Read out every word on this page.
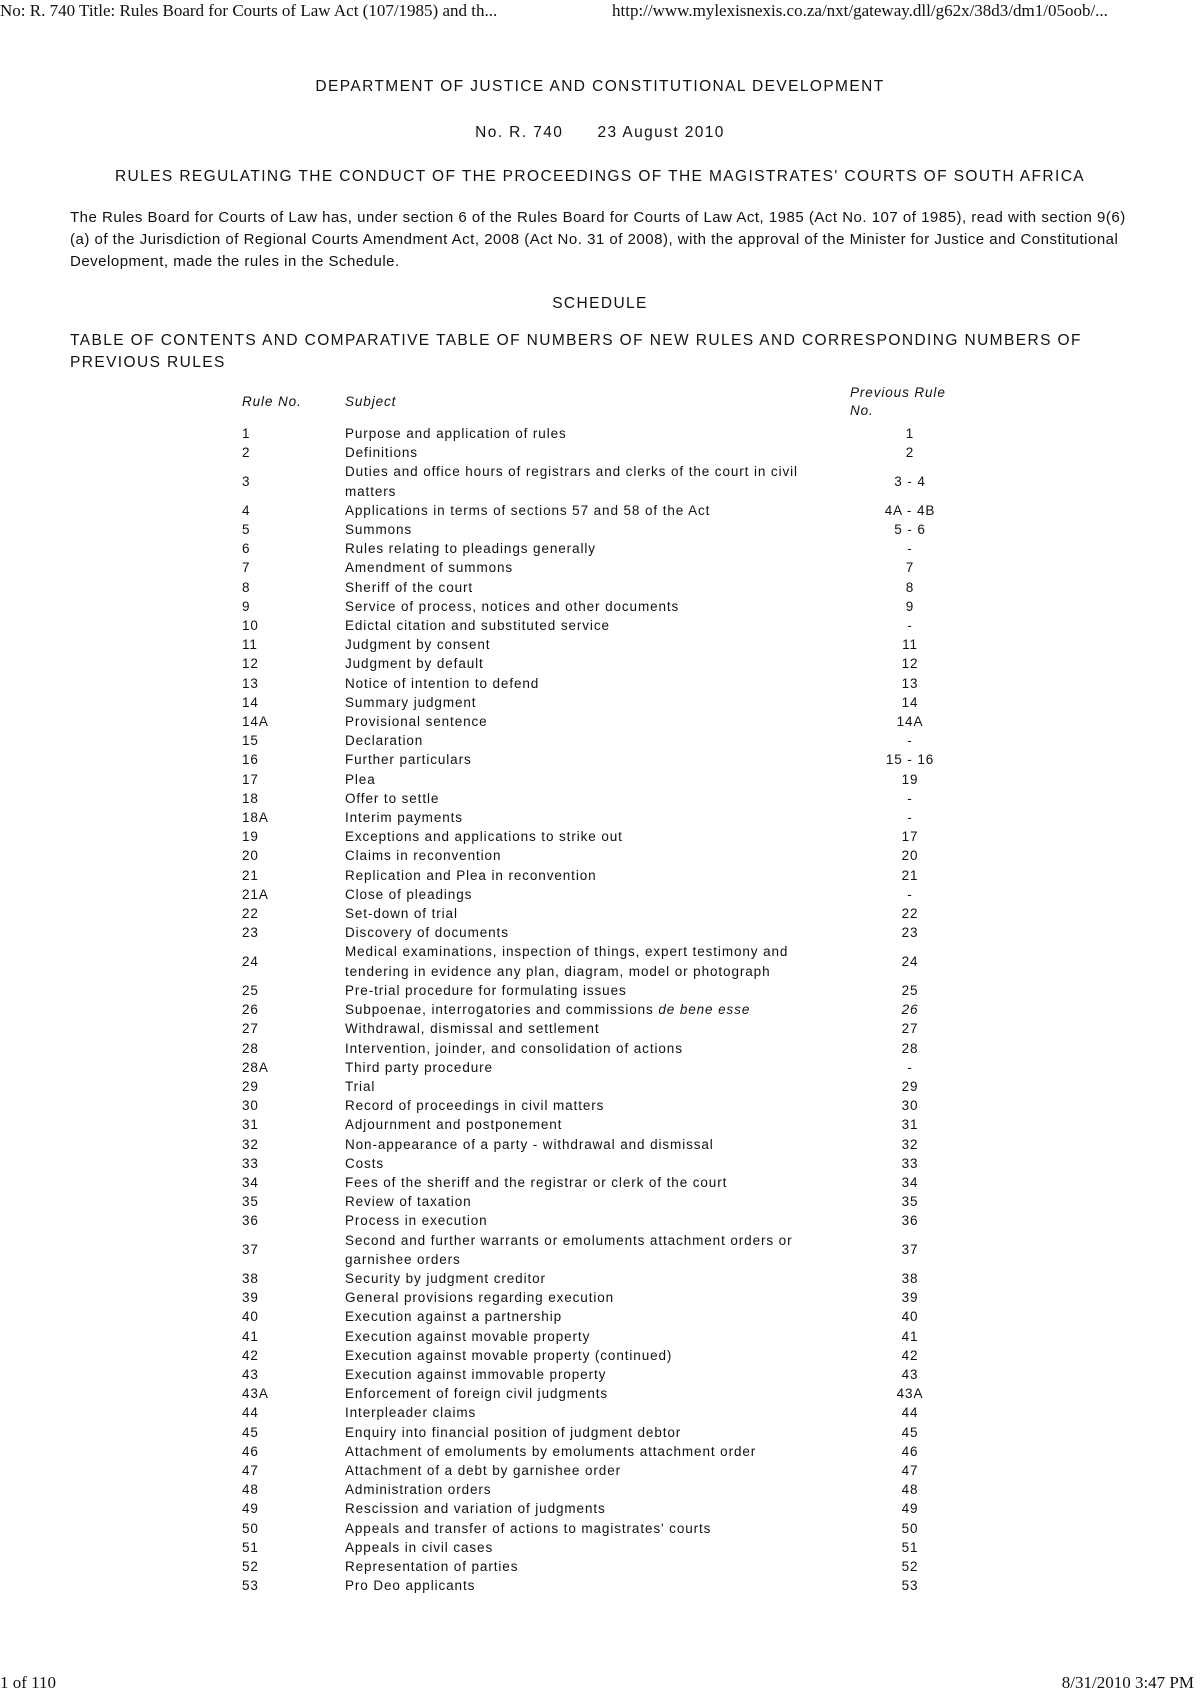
No: R. 740 Title: Rules Board for Courts of Law Act (107/1985) and th...	http://www.mylexisnexis.co.za/nxt/gateway.dll/g62x/38d3/dm1/05oob/...
DEPARTMENT OF JUSTICE AND CONSTITUTIONAL DEVELOPMENT
No. R. 740      23 August 2010
RULES REGULATING THE CONDUCT OF THE PROCEEDINGS OF THE MAGISTRATES' COURTS OF SOUTH AFRICA

The Rules Board for Courts of Law has, under section 6 of the Rules Board for Courts of Law Act, 1985 (Act No. 107 of 1985), read with section 9(6)(a) of the Jurisdiction of Regional Courts Amendment Act, 2008 (Act No. 31 of 2008), with the approval of the Minister for Justice and Constitutional Development, made the rules in the Schedule.

SCHEDULE

TABLE OF CONTENTS AND COMPARATIVE TABLE OF NUMBERS OF NEW RULES AND CORRESPONDING NUMBERS OF PREVIOUS RULES

Rule No.	Subject	Previous Rule No.
1	Purpose and application of rules	1
2	Definitions	2
3	Duties and office hours of registrars and clerks of the court in civil matters	3 - 4
4	Applications in terms of sections 57 and 58 of the Act	4A - 4B
5	Summons	5 - 6
6	Rules relating to pleadings generally	-
7	Amendment of summons	7
8	Sheriff of the court	8
9	Service of process, notices and other documents	9
10	Edictal citation and substituted service	-
11	Judgment by consent	11
12	Judgment by default	12
13	Notice of intention to defend	13
14	Summary judgment	14
14A	Provisional sentence	14A
15	Declaration	-
16	Further particulars	15 - 16
17	Plea	19
18	Offer to settle	-
18A	Interim payments	-
19	Exceptions and applications to strike out	17
20	Claims in reconvention	20
21	Replication and Plea in reconvention	21
21A	Close of pleadings	-
22	Set-down of trial	22
23	Discovery of documents	23
24	Medical examinations, inspection of things, expert testimony and tendering in evidence any plan, diagram, model or photograph	24
25	Pre-trial procedure for formulating issues	25
26	Subpoenae, interrogatories and commissions de bene esse	26
27	Withdrawal, dismissal and settlement	27
28	Intervention, joinder, and consolidation of actions	28
28A	Third party procedure	-
29	Trial	29
30	Record of proceedings in civil matters	30
31	Adjournment and postponement	31
32	Non-appearance of a party - withdrawal and dismissal	32
33	Costs	33
34	Fees of the sheriff and the registrar or clerk of the court	34
35	Review of taxation	35
36	Process in execution	36
37	Second and further warrants or emoluments attachment orders or garnishee orders	37
38	Security by judgment creditor	38
39	General provisions regarding execution	39
40	Execution against a partnership	40
41	Execution against movable property	41
42	Execution against movable property (continued)	42
43	Execution against immovable property	43
43A	Enforcement of foreign civil judgments	43A
44	Interpleader claims	44
45	Enquiry into financial position of judgment debtor	45
46	Attachment of emoluments by emoluments attachment order	46
47	Attachment of a debt by garnishee order	47
48	Administration orders	48
49	Rescission and variation of judgments	49
50	Appeals and transfer of actions to magistrates' courts	50
51	Appeals in civil cases	51
52	Representation of parties	52
53	Pro Deo applicants	53
1 of 110	8/31/2010 3:47 PM
